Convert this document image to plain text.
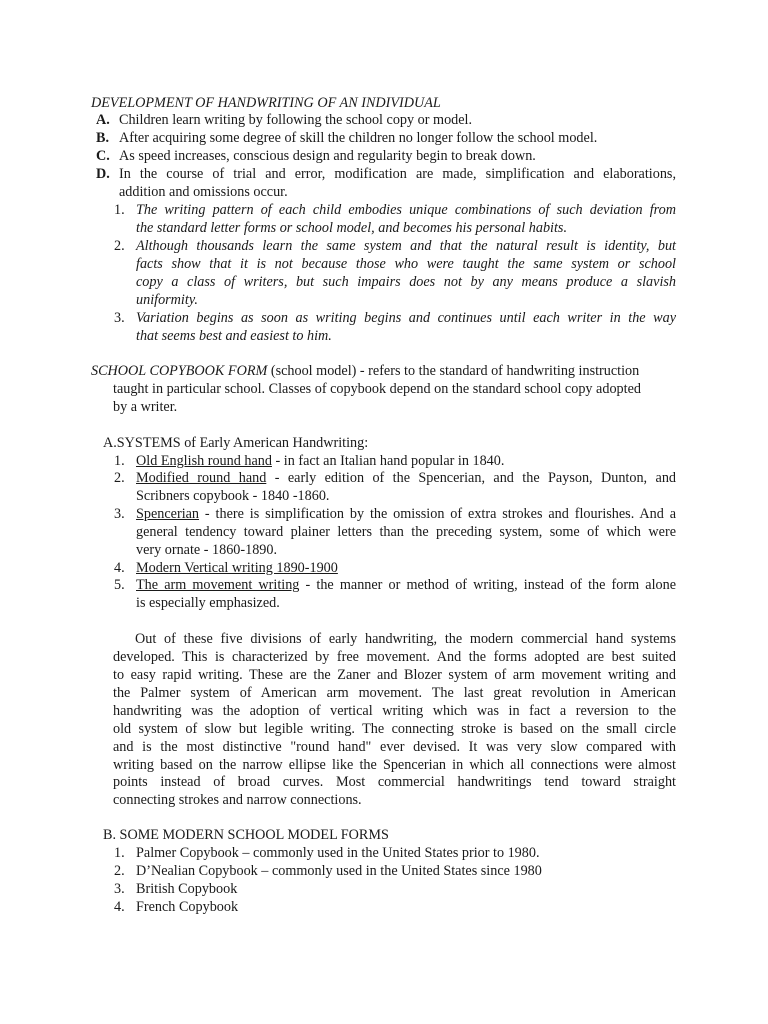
DEVELOPMENT OF HANDWRITING OF AN INDIVIDUAL
A. Children learn writing by following the school copy or model.
B. After acquiring some degree of skill the children no longer follow the school model.
C. As speed increases, conscious design and regularity begin to break down.
D. In the course of trial and error, modification are made, simplification and elaborations,
addition and omissions occur.
1. The writing pattern of each child embodies unique combinations of such deviation from
the standard letter forms or school model, and becomes his personal habits.
2. Although thousands learn the same system and that the natural result is identity, but
facts show that it is not because those who were taught the same system or school
copy a class of writers, but such impairs does not by any means produce a slavish
uniformity.
3. Variation begins as soon as writing begins and continues until each writer in the way
that seems best and easiest to him.
SCHOOL COPYBOOK FORM (school model) - refers to the standard of handwriting instruction
taught in particular school. Classes of copybook depend on the standard school copy adopted
by a writer.
A.SYSTEMS of Early American Handwriting:
1. Old English round hand - in fact an Italian hand popular in 1840.
2. Modified round hand - early edition of the Spencerian, and the Payson, Dunton, and
Scribners copybook - 1840 -1860.
3. Spencerian - there is simplification by the omission of extra strokes and flourishes. And a
general tendency toward plainer letters than the preceding system, some of which were
very ornate - 1860-1890.
4. Modern Vertical writing 1890-1900
5. The arm movement writing - the manner or method of writing, instead of the form alone
is especially emphasized.
Out of these five divisions of early handwriting, the modern commercial hand systems
developed. This is characterized by free movement. And the forms adopted are best suited
to easy rapid writing. These are the Zaner and Blozer system of arm movement writing and
the Palmer system of American arm movement. The last great revolution in American
handwriting was the adoption of vertical writing which was in fact a reversion to the
old system of slow but legible writing. The connecting stroke is based on the small circle
and is the most distinctive "round hand" ever devised. It was very slow compared with
writing based on the narrow ellipse like the Spencerian in which all connections were almost
points instead of broad curves. Most commercial handwritings tend toward straight
connecting strokes and narrow connections.
B. SOME MODERN SCHOOL MODEL FORMS
1. Palmer Copybook – commonly used in the United States prior to 1980.
2. D’Nealian Copybook – commonly used in the United States since 1980
3. British Copybook
4. French Copybook
